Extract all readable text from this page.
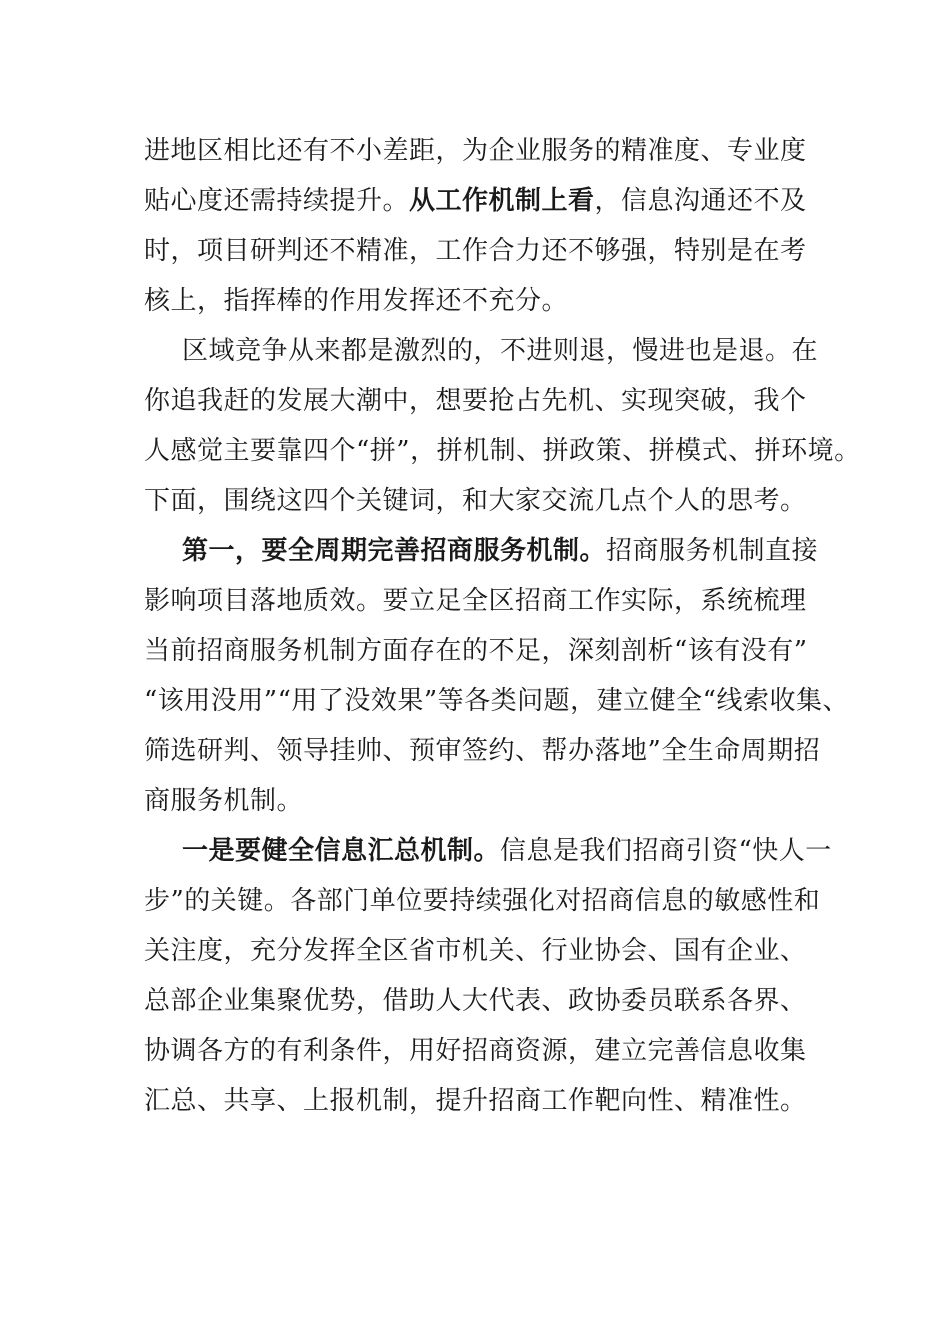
进地区相比还有不小差距，为企业服务的精准度、专业度
贴心度还需持续提升。从工作机制上看，信息沟通还不及
时，项目研判还不精准，工作合力还不够强，特别是在考
核上，指挥棒的作用发挥还不充分。
区域竞争从来都是激烈的，不进则退，慢进也是退。在
你追我赶的发展大潮中，想要抢占先机、实现突破，我个
人感觉主要靠四个“拼”，拼机制、拼政策、拼模式、拼环境。
下面，围绕这四个关键词，和大家交流几点个人的思考。
第一，要全周期完善招商服务机制。招商服务机制直接
影响项目落地质效。要立足全区招商工作实际，系统梳理
当前招商服务机制方面存在的不足，深刻剖析“该有没有”
“该用没用”“用了没效果”等各类问题，建立健全“线索收集、
筛选研判、领导挂帅、预审签约、帮办落地”全生命周期招
商服务机制。
一是要健全信息汇总机制。信息是我们招商引资“快人一
步”的关键。各部门单位要持续强化对招商信息的敏感性和
关注度，充分发挥全区省市机关、行业协会、国有企业、
总部企业集聚优势，借助人大代表、政协委员联系各界、
协调各方的有利条件，用好招商资源，建立完善信息收集
汇总、共享、上报机制，提升招商工作靶向性、精准性。
